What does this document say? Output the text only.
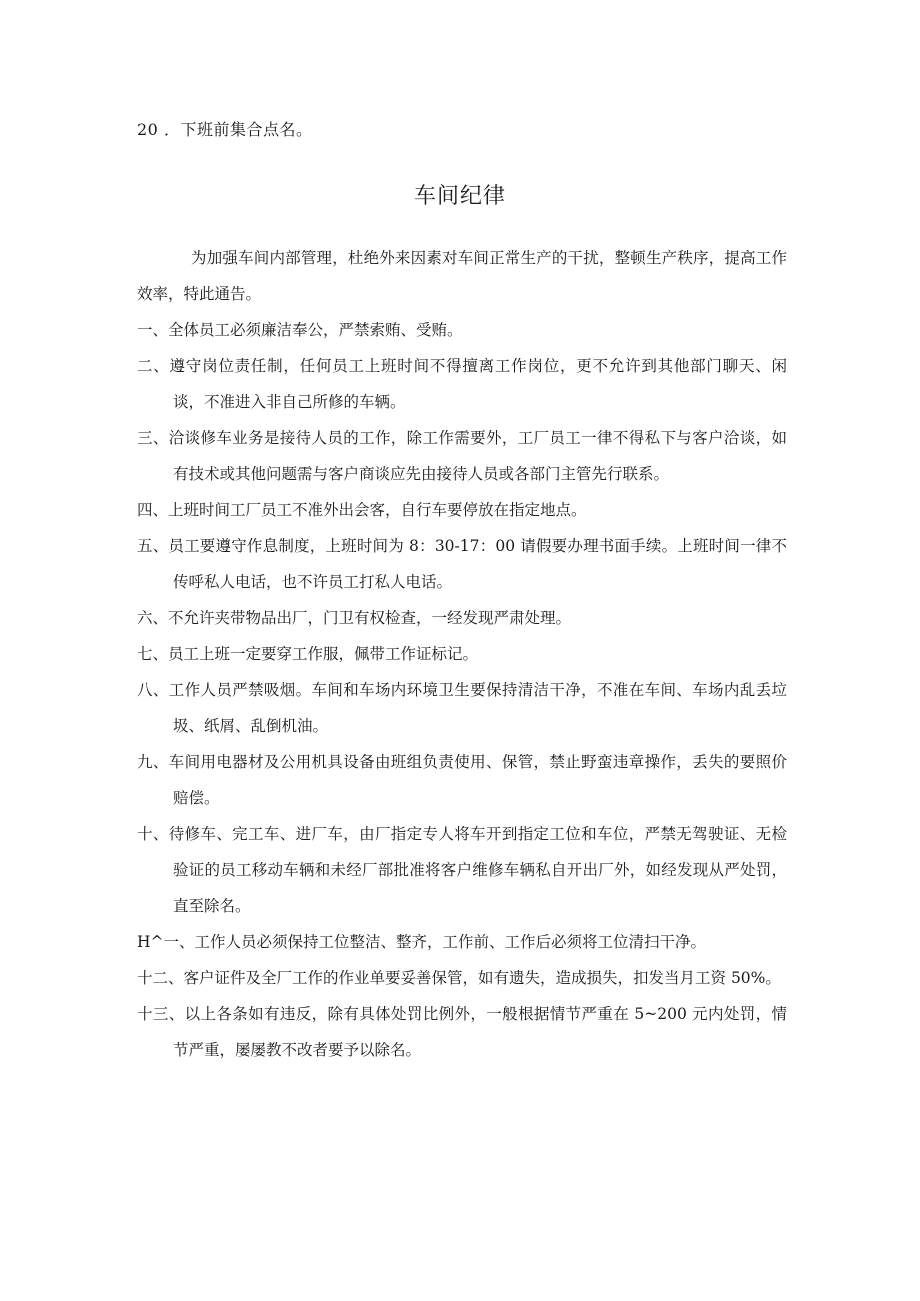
20 ．下班前集合点名。
车间纪律

为加强车间内部管理，杜绝外来因素对车间正常生产的干扰，整顿生产秩序，提高工作效率，特此通告。

一、全体员工必须廉洁奉公，严禁索贿、受贿。
二、遵守岗位责任制，任何员工上班时间不得擅离工作岗位，更不允许到其他部门聊天、闲谈，不准进入非自己所修的车辆。
三、洽谈修车业务是接待人员的工作，除工作需要外，工厂员工一律不得私下与客户洽谈，如有技术或其他问题需与客户商谈应先由接待人员或各部门主管先行联系。
四、上班时间工厂员工不准外出会客，自行车要停放在指定地点。
五、员工要遵守作息制度，上班时间为 8：30-17：00 请假要办理书面手续。上班时间一律不传呼私人电话，也不许员工打私人电话。
六、不允许夹带物品出厂，门卫有权检查，一经发现严肃处理。
七、员工上班一定要穿工作服，佩带工作证标记。
八、工作人员严禁吸烟。车间和车场内环境卫生要保持清洁干净，不准在车间、车场内乱丢垃圾、纸屑、乱倒机油。
九、车间用电器材及公用机具设备由班组负责使用、保管，禁止野蛮违章操作，丢失的要照价赔偿。
十、待修车、完工车、进厂车，由厂指定专人将车开到指定工位和车位，严禁无驾驶证、无检验证的员工移动车辆和未经厂部批准将客户维修车辆私自开出厂外，如经发现从严处罚，直至除名。
H^一、工作人员必须保持工位整洁、整齐，工作前、工作后必须将工位清扫干净。
十二、客户证件及全厂工作的作业单要妥善保管，如有遗失，造成损失，扣发当月工资 50%。
十三、以上各条如有违反，除有具体处罚比例外，一般根据情节严重在 5~200 元内处罚，情节严重，屡屡教不改者要予以除名。
